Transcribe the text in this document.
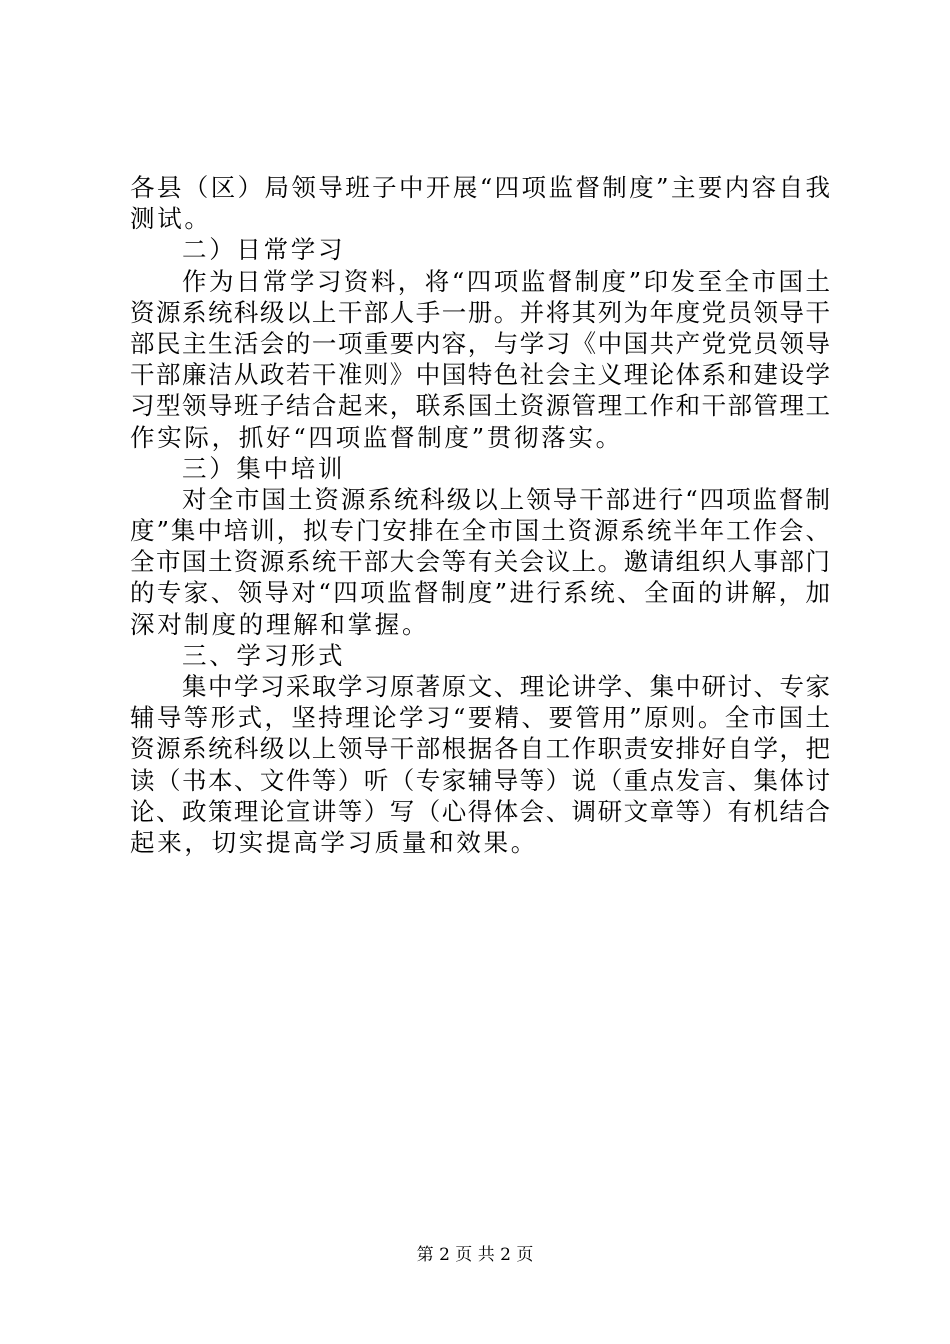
各县（区）局领导班子中开展“四项监督制度”主要内容自我
测试。
二）日常学习
作为日常学习资料，将“四项监督制度”印发至全市国土
资源系统科级以上干部人手一册。并将其列为年度党员领导干
部民主生活会的一项重要内容，与学习《中国共产党党员领导
干部廉洁从政若干准则》中国特色社会主义理论体系和建设学
习型领导班子结合起来，联系国土资源管理工作和干部管理工
作实际，抓好“四项监督制度”贯彻落实。
三）集中培训
对全市国土资源系统科级以上领导干部进行“四项监督制
度”集中培训，拟专门安排在全市国土资源系统半年工作会、
全市国土资源系统干部大会等有关会议上。邀请组织人事部门
的专家、领导对“四项监督制度”进行系统、全面的讲解，加
深对制度的理解和掌握。
三、学习形式
集中学习采取学习原著原文、理论讲学、集中研讨、专家
辅导等形式，坚持理论学习“要精、要管用”原则。全市国土
资源系统科级以上领导干部根据各自工作职责安排好自学，把
读（书本、文件等）听（专家辅导等）说（重点发言、集体讨
论、政策理论宣讲等）写（心得体会、调研文章等）有机结合
起来，切实提高学习质量和效果。
第 2 页 共 2 页
